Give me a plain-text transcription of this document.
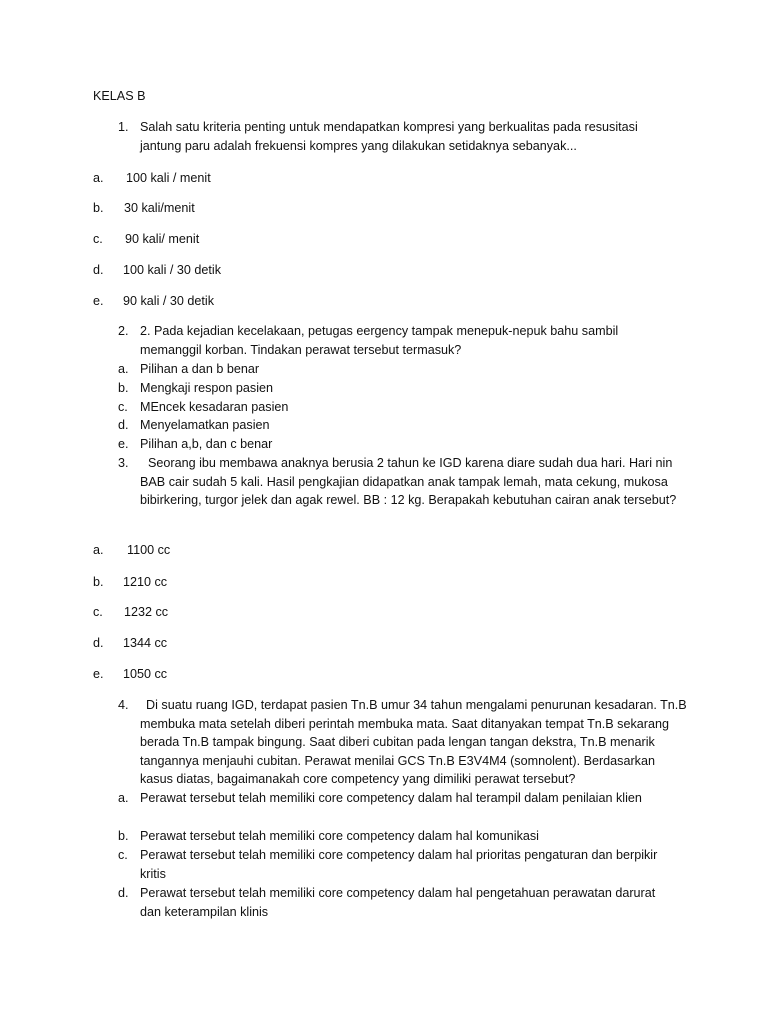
KELAS B
1. Salah satu kriteria penting untuk mendapatkan kompresi yang berkualitas pada resusitasi jantung paru adalah frekuensi kompres yang dilakukan setidaknya sebanyak...
a. 100 kali / menit
b. 30 kali/menit
c. 90 kali/ menit
d. 100 kali / 30 detik
e. 90 kali / 30 detik
2. 2. Pada kejadian kecelakaan, petugas eergency tampak menepuk-nepuk bahu sambil memanggil korban. Tindakan perawat tersebut termasuk?
a. Pilihan a dan b benar
b. Mengkaji respon pasien
c. MEncek kesadaran pasien
d. Menyelamatkan pasien
e. Pilihan a,b, dan c benar
3.	Seorang ibu membawa anaknya berusia 2 tahun ke IGD karena diare sudah dua hari. Hari nin BAB cair sudah 5 kali. Hasil pengkajian didapatkan anak tampak lemah, mata cekung, mukosa bibirkering, turgor jelek dan agak rewel. BB : 12 kg. Berapakah kebutuhan cairan anak tersebut?
a. 1100 cc
b. 1210 cc
c. 1232 cc
d. 1344 cc
e. 1050 cc
4.	Di suatu ruang IGD, terdapat pasien Tn.B umur 34 tahun mengalami penurunan kesadaran. Tn.B membuka mata setelah diberi perintah membuka mata. Saat ditanyakan tempat Tn.B sekarang berada Tn.B tampak bingung. Saat diberi cubitan pada lengan tangan dekstra, Tn.B menarik tangannya menjauhi cubitan. Perawat menilai GCS Tn.B E3V4M4 (somnolent). Berdasarkan kasus diatas, bagaimanakah core competency yang dimiliki perawat tersebut?
a. Perawat tersebut telah memiliki core competency dalam hal terampil dalam penilaian klien
b. Perawat tersebut telah memiliki core competency dalam hal komunikasi
c. Perawat tersebut telah memiliki core competency dalam hal prioritas pengaturan dan berpikir kritis
d. Perawat tersebut telah memiliki core competency dalam hal pengetahuan perawatan darurat dan keterampilan klinis
